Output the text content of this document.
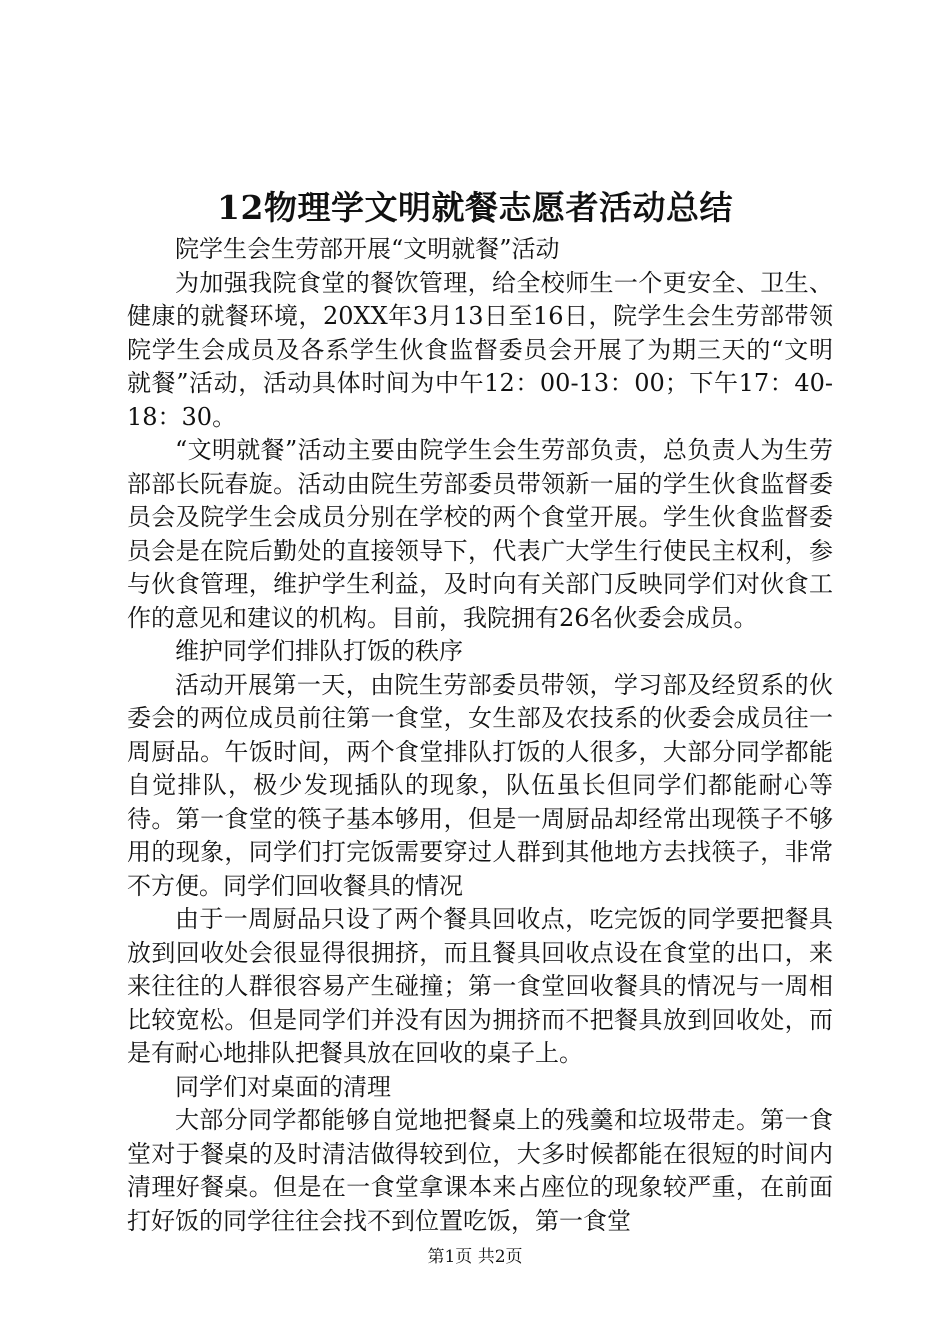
12物理学文明就餐志愿者活动总结

院学生会生劳部开展“文明就餐”活动

为加强我院食堂的餐饮管理，给全校师生一个更安全、卫生、健康的就餐环境，20XX年3月13日至16日，院学生会生劳部带领院学生会成员及各系学生伙食监督委员会开展了为期三天的“文明就餐”活动，活动具体时间为中午12：00-13：00；下午17：40-18：30。

“文明就餐”活动主要由院学生会生劳部负责，总负责人为生劳部部长阮春旋。活动由院生劳部委员带领新一届的学生伙食监督委员会及院学生会成员分别在学校的两个食堂开展。学生伙食监督委员会是在院后勤处的直接领导下，代表广大学生行使民主权利，参与伙食管理，维护学生利益，及时向有关部门反映同学们对伙食工作的意见和建议的机构。目前，我院拥有26名伙委会成员。

维护同学们排队打饭的秩序

活动开展第一天，由院生劳部委员带领，学习部及经贸系的伙委会的两位成员前往第一食堂，女生部及农技系的伙委会成员往一周厨品。午饭时间，两个食堂排队打饭的人很多，大部分同学都能自觉排队，极少发现插队的现象，队伍虽长但同学们都能耐心等待。第一食堂的筷子基本够用，但是一周厨品却经常出现筷子不够用的现象，同学们打完饭需要穿过人群到其他地方去找筷子，非常不方便。同学们回收餐具的情况

由于一周厨品只设了两个餐具回收点，吃完饭的同学要把餐具放到回收处会很显得很拥挤，而且餐具回收点设在食堂的出口，来来往往的人群很容易产生碰撞；第一食堂回收餐具的情况与一周相比较宽松。但是同学们并没有因为拥挤而不把餐具放到回收处，而是有耐心地排队把餐具放在回收的桌子上。

同学们对桌面的清理

大部分同学都能够自觉地把餐桌上的残羹和垃圾带走。第一食堂对于餐桌的及时清洁做得较到位，大多时候都能在很短的时间内清理好餐桌。但是在一食堂拿课本来占座位的现象较严重，在前面打好饭的同学往往会找不到位置吃饭，第一食堂

第1页 共2页
